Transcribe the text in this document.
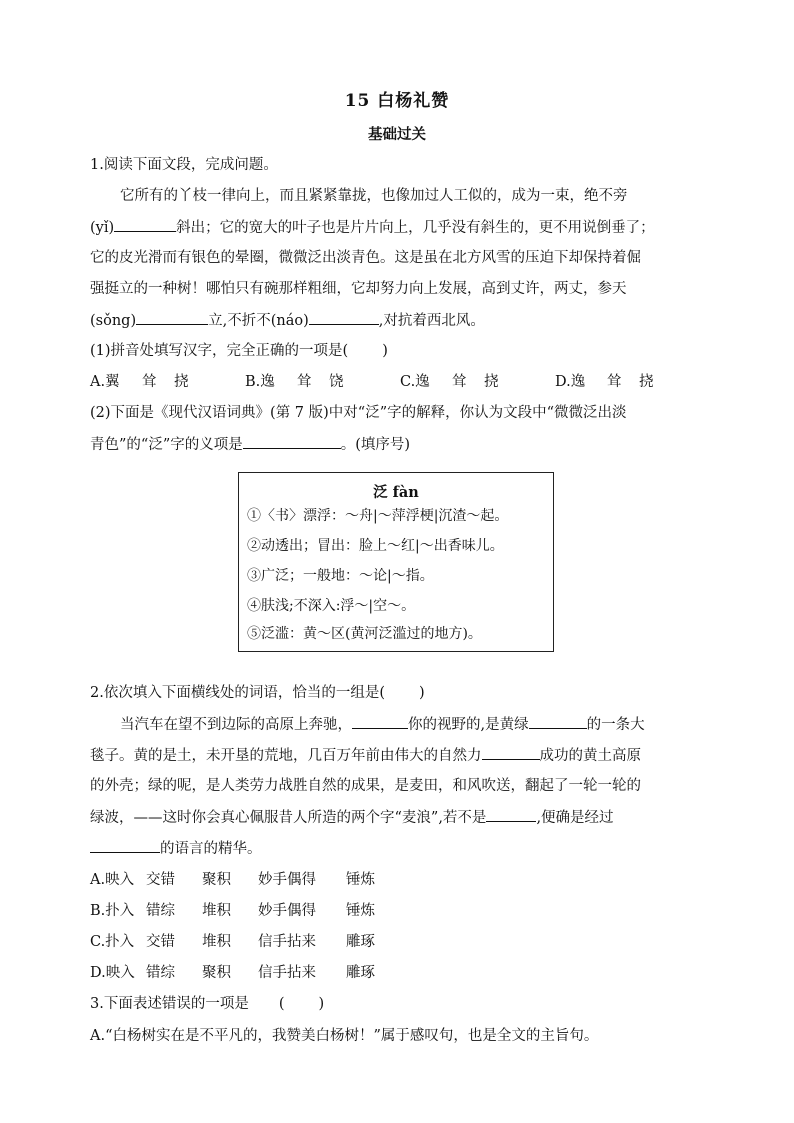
15 白杨礼赞
基础过关
1.阅读下面文段，完成问题。
它所有的丫枝一律向上，而且紧紧靠拢，也像加过人工似的，成为一束，绝不旁
(yǐ)	斜出；它的宽大的叶子也是片片向上，几乎没有斜生的，更不用说倒垂了；
它的皮光滑而有银色的晕圈，微微泛出淡青色。这是虽在北方风雪的压迫下却保持着倔
强挺立的一种树！哪怕只有碗那样粗细，它却努力向上发展，高到丈许，两丈，参天
(sǒng)	立,不折不(náo)	,对抗着西北风。
(1)拼音处填写汉字，完全正确的一项是( )
A.翼 耸 挠	B.逸 耸 饶	C.逸 耸 挠	D.逸 耸 挠
(2)下面是《现代汉语词典》(第 7 版)中对“泛”字的解释，你认为文段中“微微泛出淡
青色”的“泛”字的义项是	。(填序号)
泛 fàn
①〈书〉漂浮：～舟|～萍浮梗|沉渣～起。
②动透出；冒出：脸上～红|～出香味儿。
③广泛；一般地：～论|～指。
④肤浅;不深入:浮～|空～。
⑤泛滥：黄～区(黄河泛滥过的地方)。
2.依次填入下面横线处的词语，恰当的一组是( )
当汽车在望不到边际的高原上奔驰，	你的视野的,是黄绿	的一条大
毯子。黄的是土，未开垦的荒地，几百万年前由伟大的自然力	成功的黄土高原
的外壳；绿的呢，是人类劳力战胜自然的成果，是麦田，和风吹送，翻起了一轮一轮的
绿波，——这时你会真心佩服昔人所造的两个字“麦浪”,若不是	,便确是经过
的语言的精华。
A.映入 交错 聚积 妙手偶得 锤炼
B.扑入 错综 堆积 妙手偶得 锤炼
C.扑入 交错 堆积 信手拈来 雕琢
D.映入 错综 聚积 信手拈来 雕琢
3.下面表述错误的一项是 ( )
A.“白杨树实在是不平凡的，我赞美白杨树！”属于感叹句，也是全文的主旨句。
